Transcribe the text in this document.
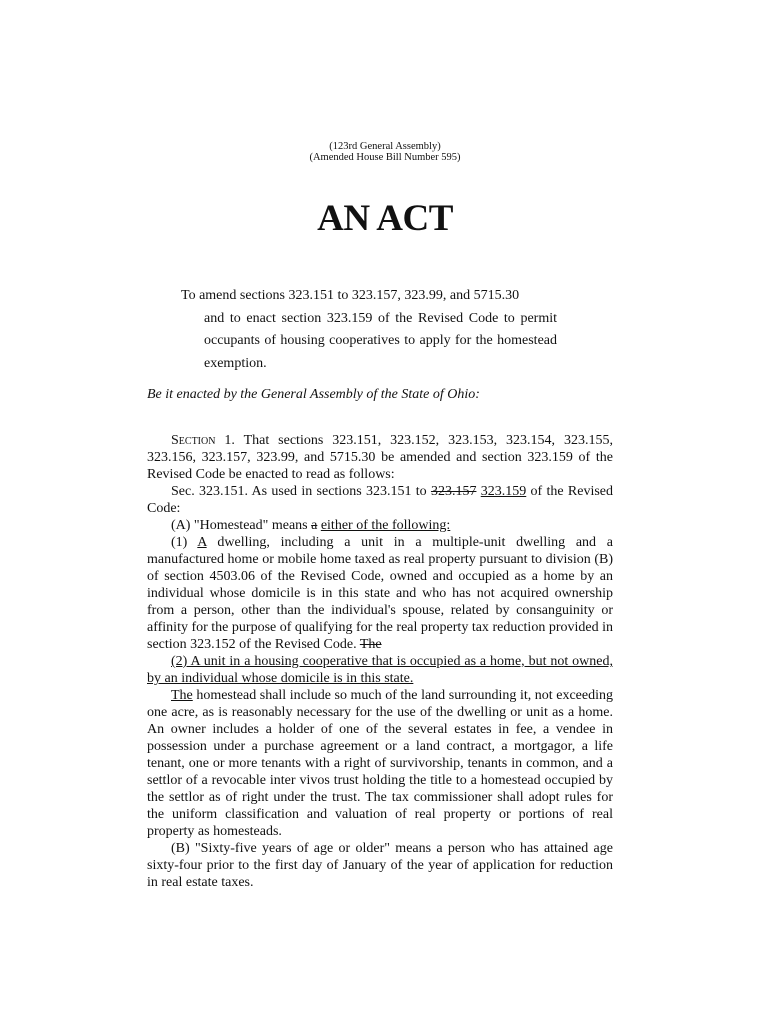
(123rd General Assembly)
(Amended House Bill Number 595)
AN ACT
To amend sections 323.151 to 323.157, 323.99, and 5715.30
and to enact section 323.159 of the Revised Code to permit occupants of housing cooperatives to apply for the homestead exemption.
Be it enacted by the General Assembly of the State of Ohio:

Section 1. That sections 323.151, 323.152, 323.153, 323.154, 323.155, 323.156, 323.157, 323.99, and 5715.30 be amended and section 323.159 of the Revised Code be enacted to read as follows:

Sec. 323.151. As used in sections 323.151 to 323.157 323.159 of the Revised Code:

(A) "Homestead" means a either of the following:

(1) A dwelling, including a unit in a multiple-unit dwelling and a manufactured home or mobile home taxed as real property pursuant to division (B) of section 4503.06 of the Revised Code, owned and occupied as a home by an individual whose domicile is in this state and who has not acquired ownership from a person, other than the individual's spouse, related by consanguinity or affinity for the purpose of qualifying for the real property tax reduction provided in section 323.152 of the Revised Code. The

(2) A unit in a housing cooperative that is occupied as a home, but not owned, by an individual whose domicile is in this state.

The homestead shall include so much of the land surrounding it, not exceeding one acre, as is reasonably necessary for the use of the dwelling or unit as a home. An owner includes a holder of one of the several estates in fee, a vendee in possession under a purchase agreement or a land contract, a mortgagor, a life tenant, one or more tenants with a right of survivorship, tenants in common, and a settlor of a revocable inter vivos trust holding the title to a homestead occupied by the settlor as of right under the trust. The tax commissioner shall adopt rules for the uniform classification and valuation of real property or portions of real property as homesteads.

(B) "Sixty-five years of age or older" means a person who has attained age sixty-four prior to the first day of January of the year of application for reduction in real estate taxes.
